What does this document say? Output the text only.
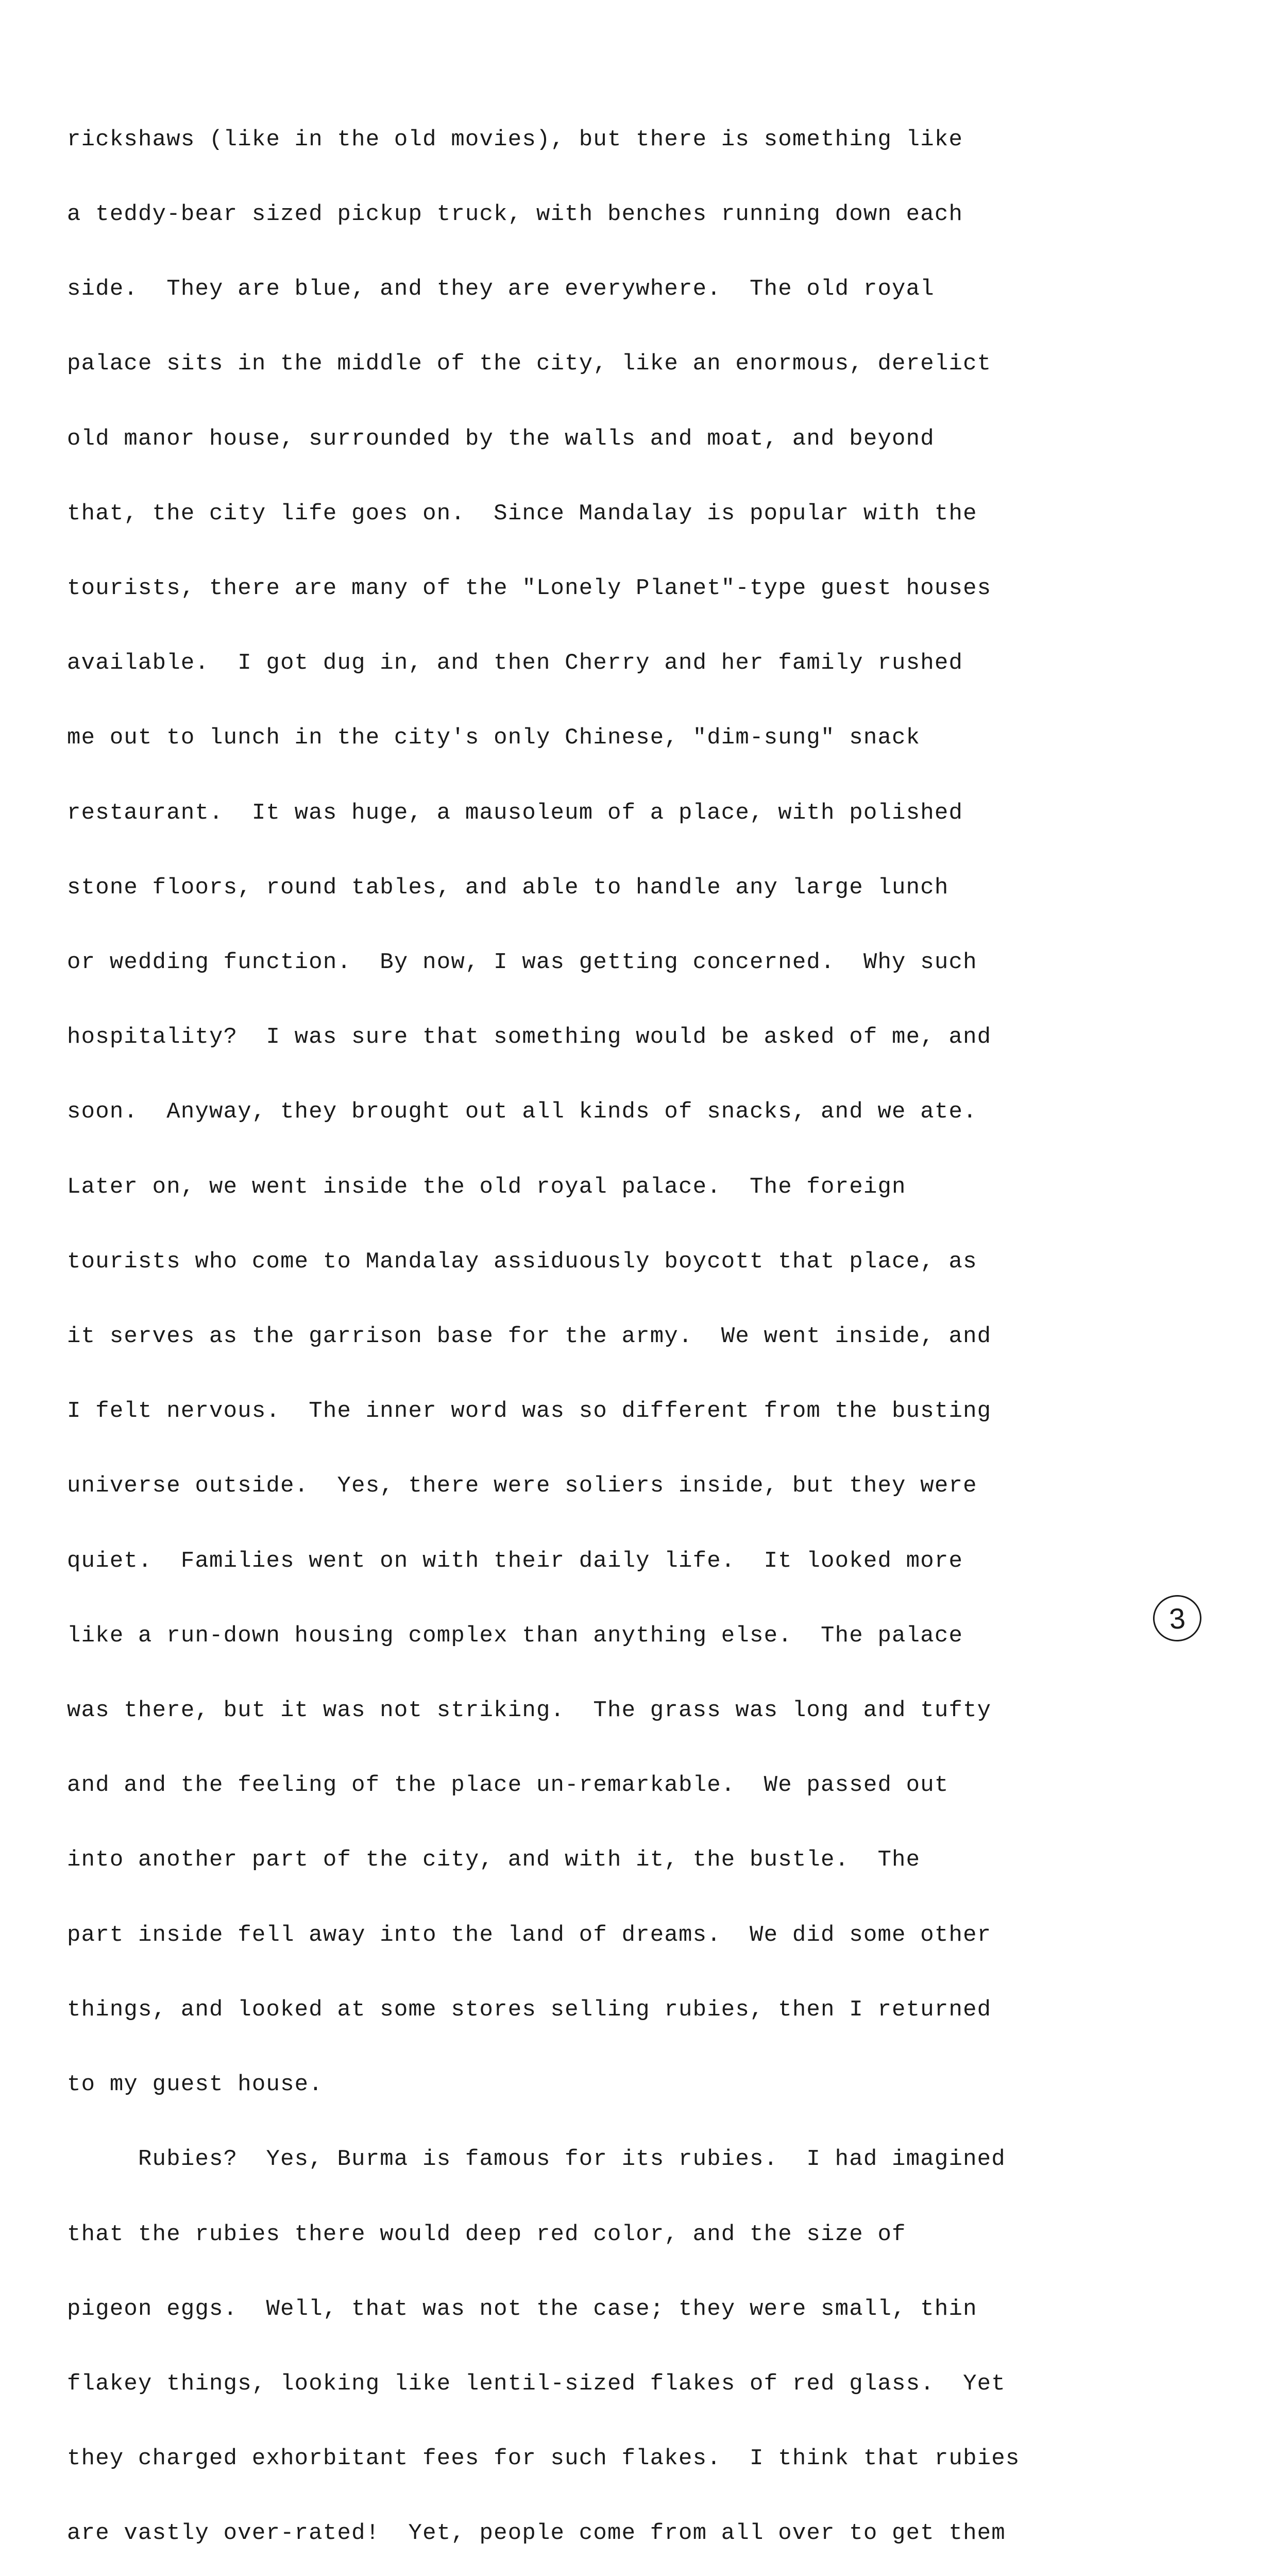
rickshaws (like in the old movies), but there is something like

a teddy-bear sized pickup truck, with benches running down each

side.  They are blue, and they are everywhere.  The old royal

palace sits in the middle of the city, like an enormous, derelict

old manor house, surrounded by the walls and moat, and beyond

that, the city life goes on.  Since Mandalay is popular with the

tourists, there are many of the "Lonely Planet"-type guest houses

available.  I got dug in, and then Cherry and her family rushed

me out to lunch in the city's only Chinese, "dim-sung" snack

restaurant.  It was huge, a mausoleum of a place, with polished

stone floors, round tables, and able to handle any large lunch

or wedding function.  By now, I was getting concerned.  Why such

hospitality?  I was sure that something would be asked of me, and

soon.  Anyway, they brought out all kinds of snacks, and we ate.

Later on, we went inside the old royal palace.  The foreign

tourists who come to Mandalay assiduously boycott that place, as

it serves as the garrison base for the army.  We went inside, and

I felt nervous.  The inner word was so different from the busting

universe outside.  Yes, there were soliers inside, but they were

quiet.  Families went on with their daily life.  It looked more

like a run-down housing complex than anything else.  The palace

was there, but it was not striking.  The grass was long and tufty

and and the feeling of the place un-remarkable.  We passed out

into another part of the city, and with it, the bustle.  The

part inside fell away into the land of dreams.  We did some other

things, and looked at some stores selling rubies, then I returned

to my guest house.

Rubies?  Yes, Burma is famous for its rubies.  I had imagined

that the rubies there would deep red color, and the size of

pigeon eggs.  Well, that was not the case; they were small, thin

flakey things, looking like lentil-sized flakes of red glass.  Yet

they charged exhorbitant fees for such flakes.  I think that rubies

are vastly over-rated!  Yet, people come from all over to get them

3
